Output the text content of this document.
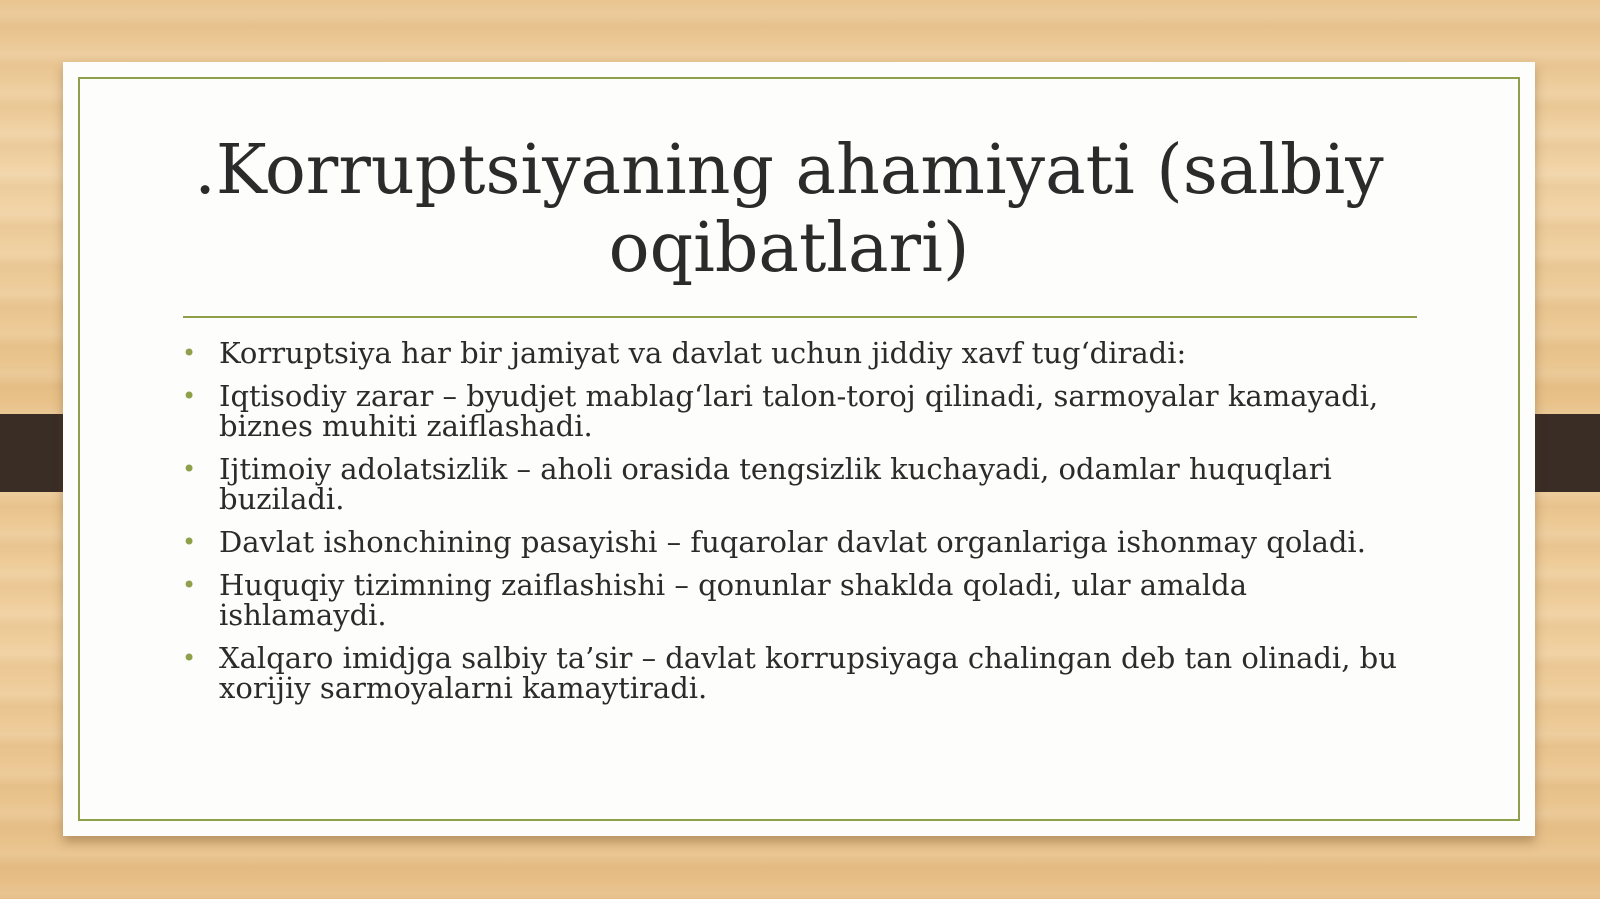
.Korruptsiyaning ahamiyati (salbiy oqibatlari)
• Korruptsiya har bir jamiyat va davlat uchun jiddiy xavf tug‘diradi:
• Iqtisodiy zarar – byudjet mablag‘lari talon-toroj qilinadi, sarmoyalar kamayadi, biznes muhiti zaiflashadi.
• Ijtimoiy adolatsizlik – aholi orasida tengsizlik kuchayadi, odamlar huquqlari buziladi.
• Davlat ishonchining pasayishi – fuqarolar davlat organlariga ishonmay qoladi.
• Huquqiy tizimning zaiflashishi – qonunlar shaklda qoladi, ular amalda ishlamaydi.
• Xalqaro imidjga salbiy ta’sir – davlat korrupsiyaga chalingan deb tan olinadi, bu xorijiy sarmoyalarni kamaytiradi.
